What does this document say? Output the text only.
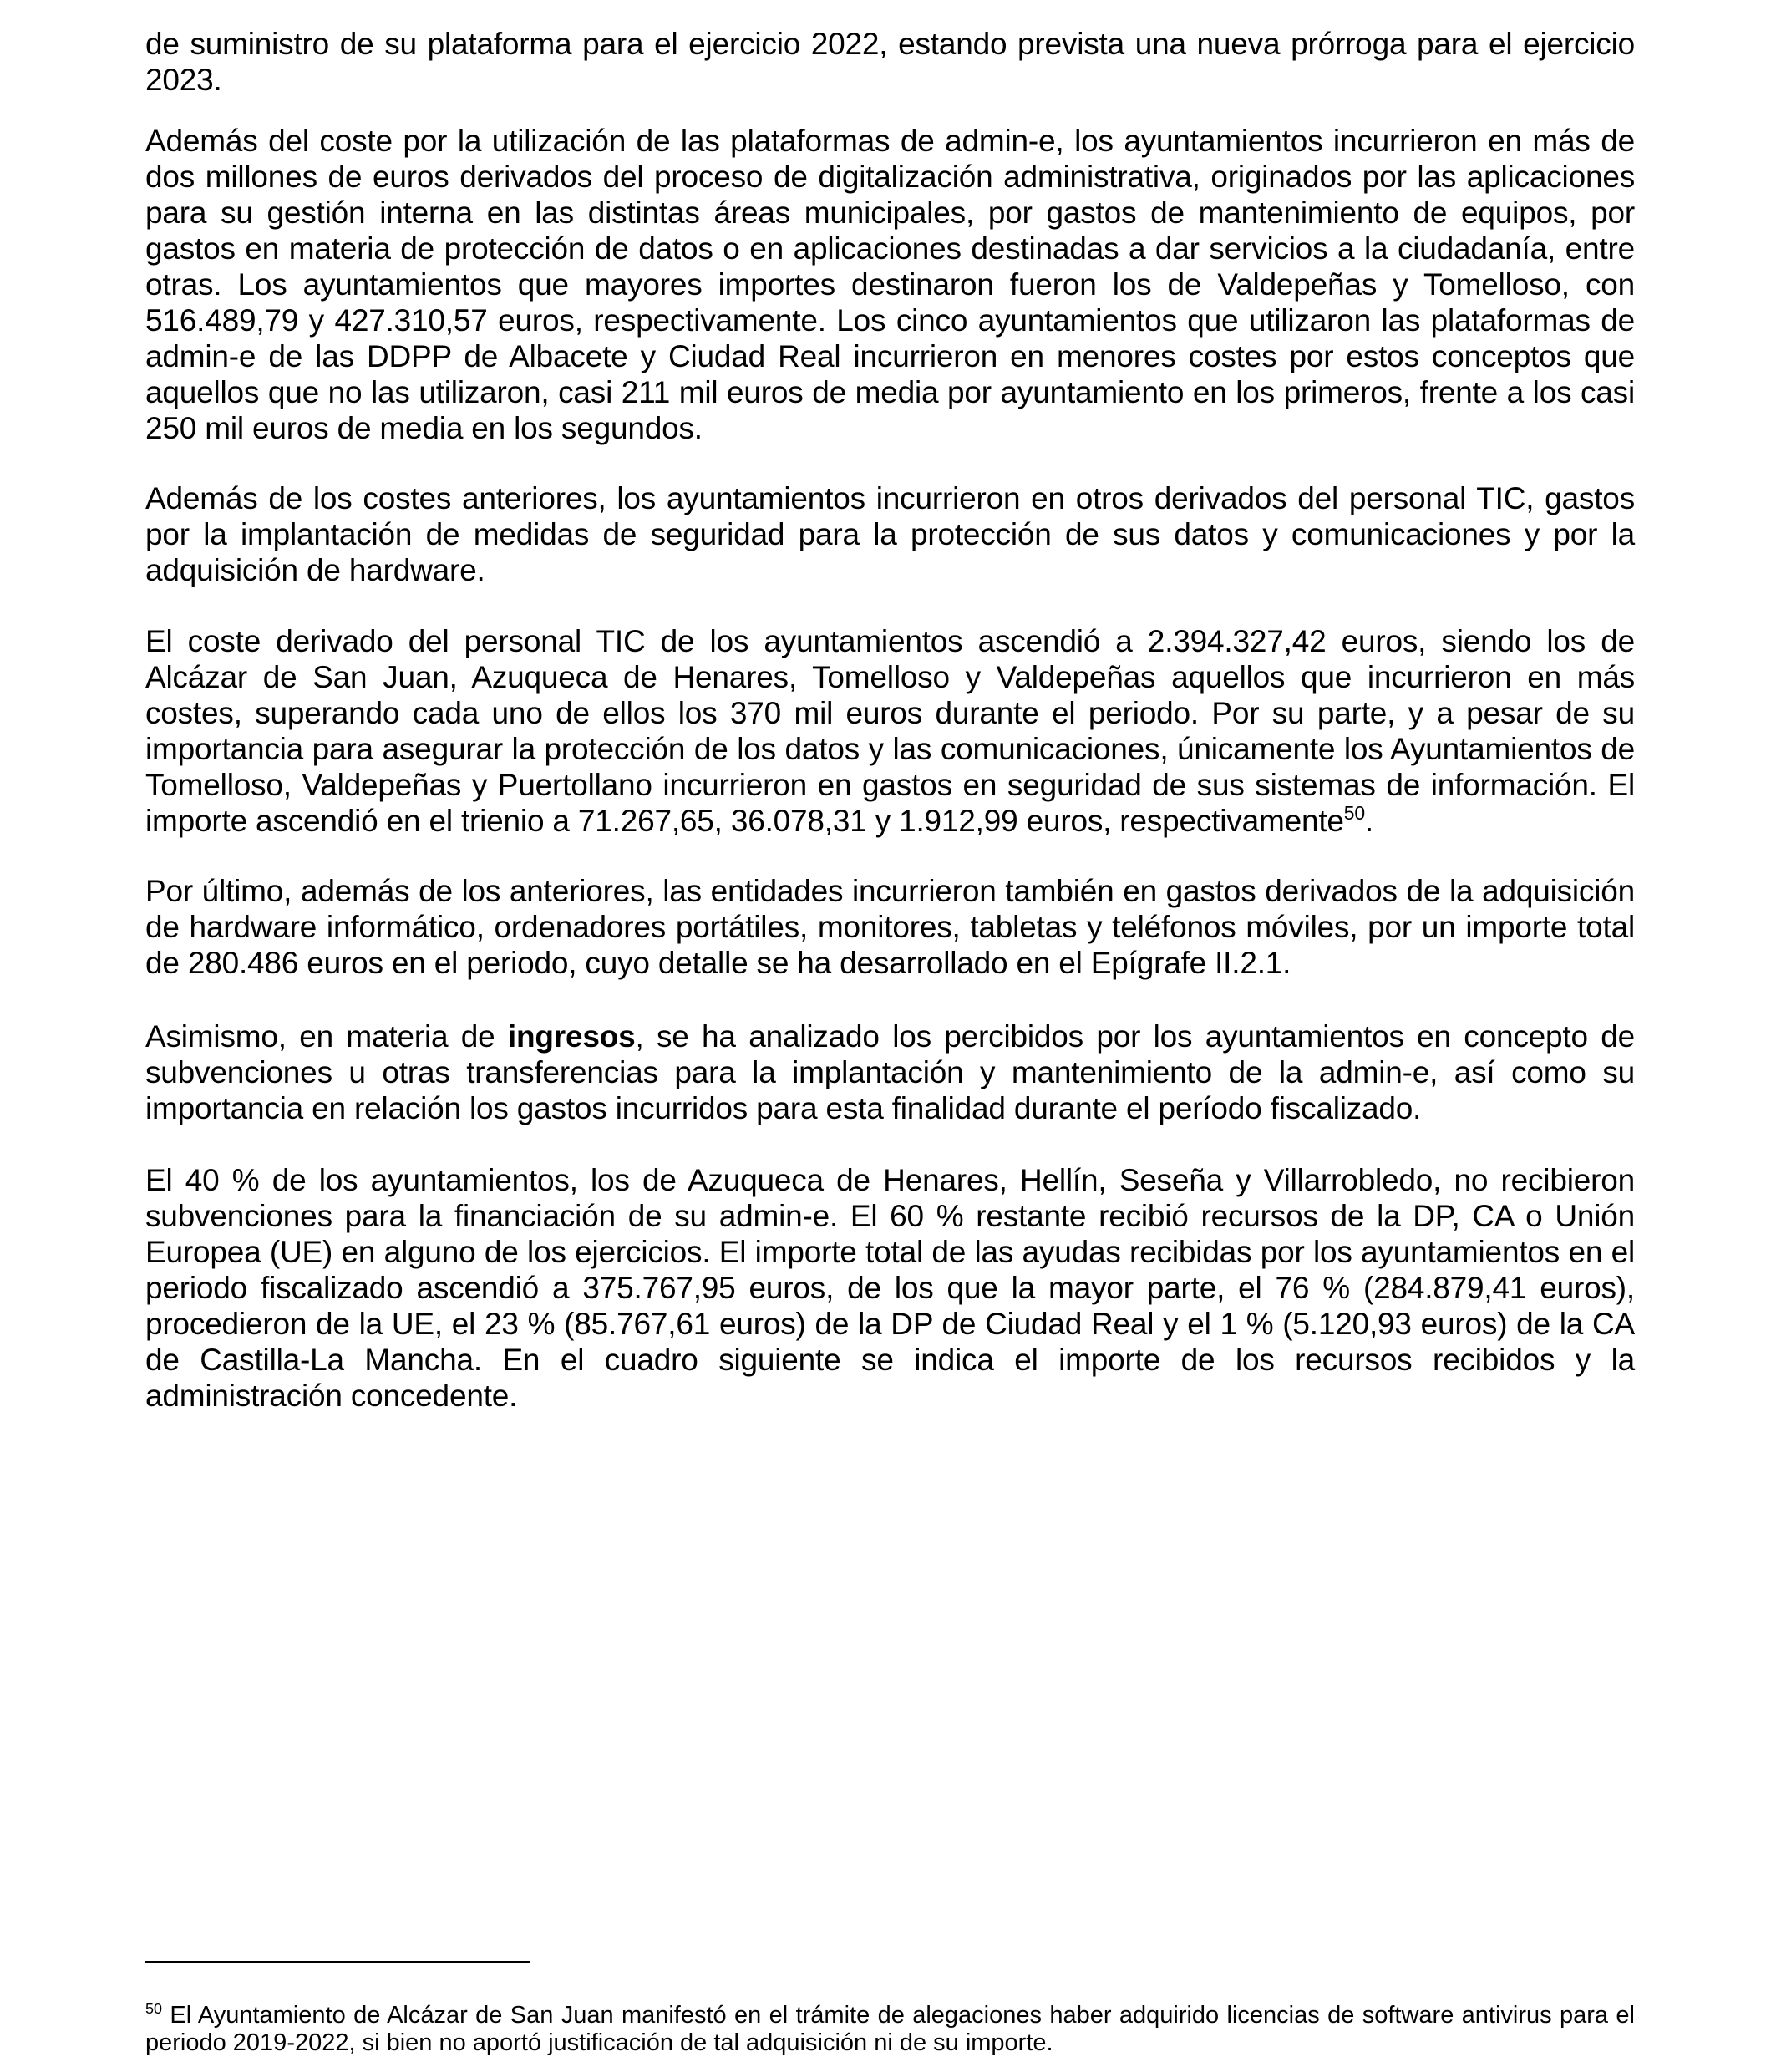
de suministro de su plataforma para el ejercicio 2022, estando prevista una nueva prórroga para el ejercicio 2023.

Además del coste por la utilización de las plataformas de admin-e, los ayuntamientos incurrieron en más de dos millones de euros derivados del proceso de digitalización administrativa, originados por las aplicaciones para su gestión interna en las distintas áreas municipales, por gastos de mantenimiento de equipos, por gastos en materia de protección de datos o en aplicaciones destinadas a dar servicios a la ciudadanía, entre otras. Los ayuntamientos que mayores importes destinaron fueron los de Valdepeñas y Tomelloso, con 516.489,79 y 427.310,57 euros, respectivamente. Los cinco ayuntamientos que utilizaron las plataformas de admin-e de las DDPP de Albacete y Ciudad Real incurrieron en menores costes por estos conceptos que aquellos que no las utilizaron, casi 211 mil euros de media por ayuntamiento en los primeros, frente a los casi 250 mil euros de media en los segundos.

Además de los costes anteriores, los ayuntamientos incurrieron en otros derivados del personal TIC, gastos por la implantación de medidas de seguridad para la protección de sus datos y comunicaciones y por la adquisición de hardware.

El coste derivado del personal TIC de los ayuntamientos ascendió a 2.394.327,42 euros, siendo los de Alcázar de San Juan, Azuqueca de Henares, Tomelloso y Valdepeñas aquellos que incurrieron en más costes, superando cada uno de ellos los 370 mil euros durante el periodo. Por su parte, y a pesar de su importancia para asegurar la protección de los datos y las comunicaciones, únicamente los Ayuntamientos de Tomelloso, Valdepeñas y Puertollano incurrieron en gastos en seguridad de sus sistemas de información. El importe ascendió en el trienio a 71.267,65, 36.078,31 y 1.912,99 euros, respectivamente$^{50}$.

Por último, además de los anteriores, las entidades incurrieron también en gastos derivados de la adquisición de hardware informático, ordenadores portátiles, monitores, tabletas y teléfonos móviles, por un importe total de 280.486 euros en el periodo, cuyo detalle se ha desarrollado en el Epígrafe II.2.1.

Asimismo, en materia de ingresos, se ha analizado los percibidos por los ayuntamientos en concepto de subvenciones u otras transferencias para la implantación y mantenimiento de la admin-e, así como su importancia en relación los gastos incurridos para esta finalidad durante el período fiscalizado.

El 40 % de los ayuntamientos, los de Azuqueca de Henares, Hellín, Seseña y Villarrobledo, no recibieron subvenciones para la financiación de su admin-e. El 60 % restante recibió recursos de la DP, CA o Unión Europea (UE) en alguno de los ejercicios. El importe total de las ayudas recibidas por los ayuntamientos en el periodo fiscalizado ascendió a 375.767,95 euros, de los que la mayor parte, el 76 % (284.879,41 euros), procedieron de la UE, el 23 % (85.767,61 euros) de la DP de Ciudad Real y el 1 % (5.120,93 euros) de la CA de Castilla-La Mancha. En el cuadro siguiente se indica el importe de los recursos recibidos y la administración concedente.

$^{50}$ El Ayuntamiento de Alcázar de San Juan manifestó en el trámite de alegaciones haber adquirido licencias de software antivirus para el periodo 2019-2022, si bien no aportó justificación de tal adquisición ni de su importe.
